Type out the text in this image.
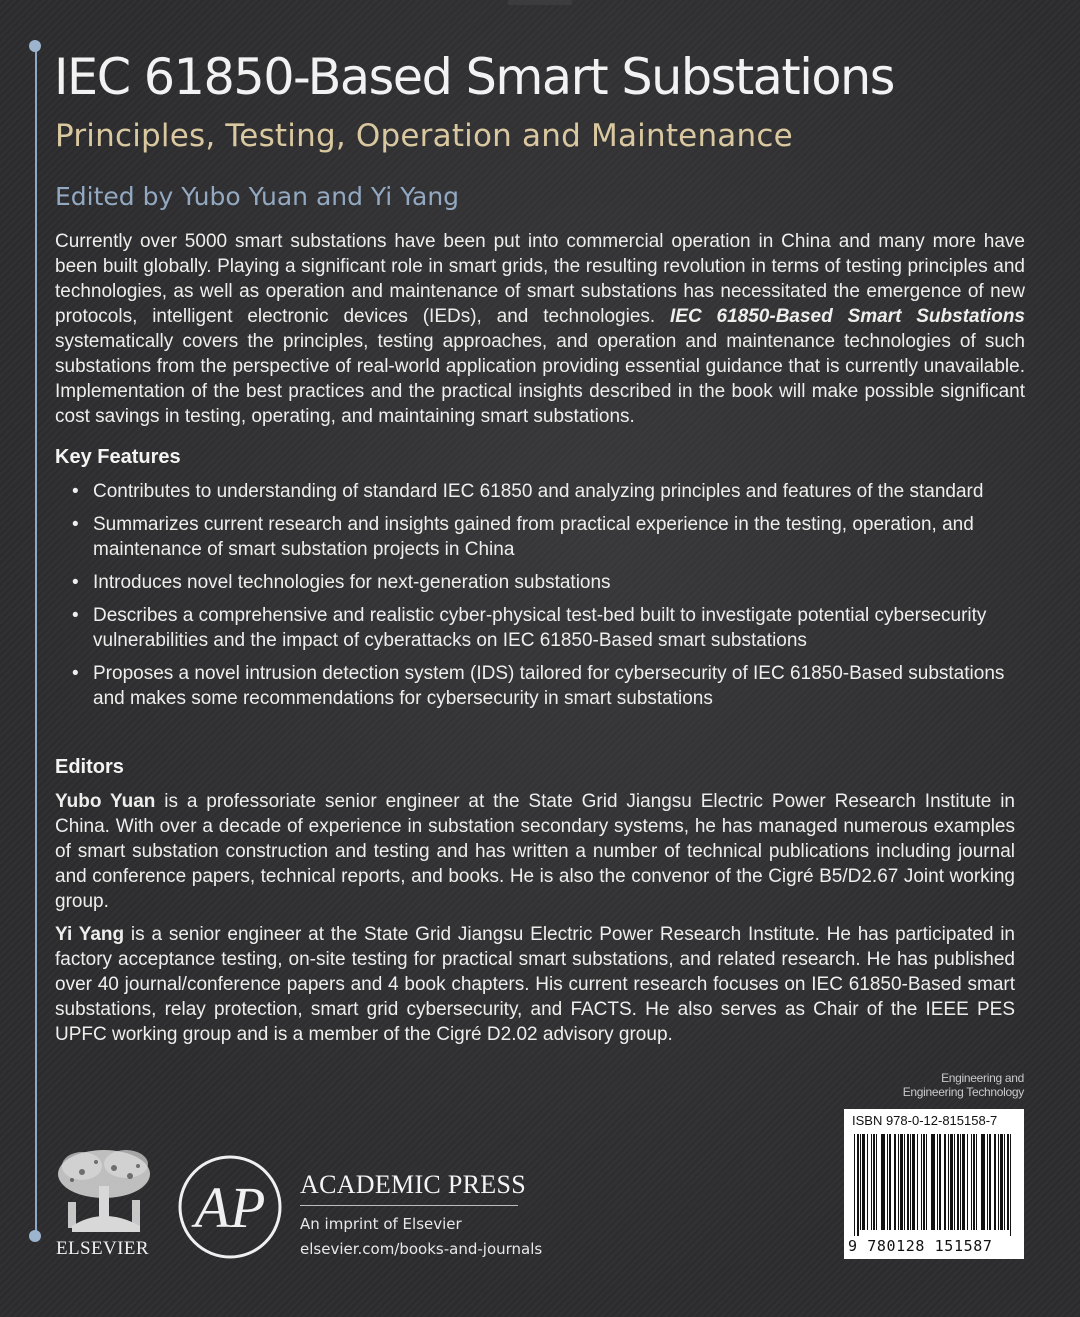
IEC 61850-Based Smart Substations
Principles, Testing, Operation and Maintenance
Edited by Yubo Yuan and Yi Yang

Currently over 5000 smart substations have been put into commercial operation in China and many more have been built globally. Playing a significant role in smart grids, the resulting revolution in terms of testing principles and technologies, as well as operation and maintenance of smart substations has necessitated the emergence of new protocols, intelligent electronic devices (IEDs), and technologies. IEC 61850-Based Smart Substations systematically covers the principles, testing approaches, and operation and maintenance technologies of such substations from the perspective of real-world application providing essential guidance that is currently unavailable. Implementation of the best practices and the practical insights described in the book will make possible significant cost savings in testing, operating, and maintaining smart substations.

Key Features
• Contributes to understanding of standard IEC 61850 and analyzing principles and features of the standard
• Summarizes current research and insights gained from practical experience in the testing, operation, and maintenance of smart substation projects in China
• Introduces novel technologies for next-generation substations
• Describes a comprehensive and realistic cyber-physical test-bed built to investigate potential cybersecurity vulnerabilities and the impact of cyberattacks on IEC 61850-Based smart substations
• Proposes a novel intrusion detection system (IDS) tailored for cybersecurity of IEC 61850-Based substations and makes some recommendations for cybersecurity in smart substations
Editors

Yubo Yuan is a professoriate senior engineer at the State Grid Jiangsu Electric Power Research Institute in China. With over a decade of experience in substation secondary systems, he has managed numerous examples of smart substation construction and testing and has written a number of technical publications including journal and conference papers, technical reports, and books. He is also the convenor of the Cigré B5/D2.67 Joint working group.

Yi Yang is a senior engineer at the State Grid Jiangsu Electric Power Research Institute. He has participated in factory acceptance testing, on-site testing for practical smart substations, and related research. He has published over 40 journal/conference papers and 4 book chapters. His current research focuses on IEC 61850-Based smart substations, relay protection, smart grid cybersecurity, and FACTS. He also serves as Chair of the IEEE PES UPFC working group and is a member of the Cigré D2.02 advisory group.

Engineering and
Engineering Technology
ISBN 978-0-12-815158-7
9 780128 151587
ELSEVIER
AP ACADEMIC PRESS
An imprint of Elsevier
elsevier.com/books-and-journals
